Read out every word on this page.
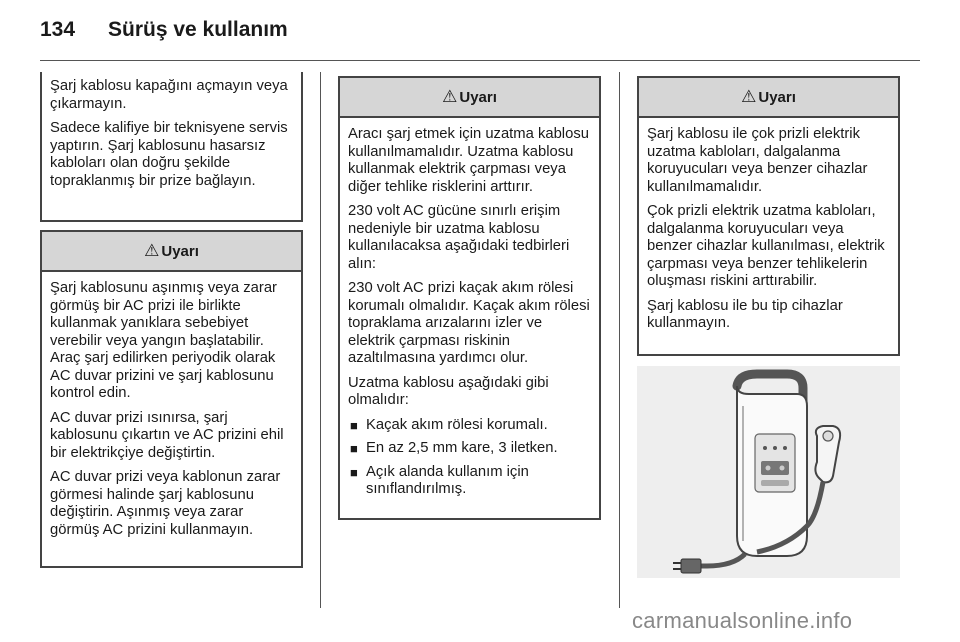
134 Sürüş ve kullanım

Şarj kablosu kapağını açmayın veya çıkarmayın.

Sadece kalifiye bir teknisyene servis yaptırın. Şarj kablosunu hasarsız kabloları olan doğru şekilde topraklanmış bir prize bağlayın.

⚠ Uyarı

Şarj kablosunu aşınmış veya zarar görmüş bir AC prizi ile birlikte kullanmak yanıklara sebebiyet verebilir veya yangın başlatabilir. Araç şarj edilirken periyodik olarak AC duvar prizini ve şarj kablosunu kontrol edin.

AC duvar prizi ısınırsa, şarj kablosunu çıkartın ve AC prizini ehil bir elektrikçiye değiştirtin.

AC duvar prizi veya kablonun zarar görmesi halinde şarj kablosunu değiştirin. Aşınmış veya zarar görmüş AC prizini kullanmayın.

⚠ Uyarı

Aracı şarj etmek için uzatma kablosu kullanılmamalıdır. Uzatma kablosu kullanmak elektrik çarpması veya diğer tehlike risklerini arttırır.

230 volt AC gücüne sınırlı erişim nedeniyle bir uzatma kablosu kullanılacaksa aşağıdaki tedbirleri alın:

230 volt AC prizi kaçak akım rölesi korumalı olmalıdır. Kaçak akım rölesi topraklama arızalarını izler ve elektrik çarpması riskinin azaltılmasına yardımcı olur.

Uzatma kablosu aşağıdaki gibi olmalıdır:

■ Kaçak akım rölesi korumalı.
■ En az 2,5 mm kare, 3 iletken.
■ Açık alanda kullanım için sınıflandırılmış.
⚠ Uyarı

Şarj kablosu ile çok prizli elektrik uzatma kabloları, dalgalanma koruyucuları veya benzer cihazlar kullanılmamalıdır.

Çok prizli elektrik uzatma kabloları, dalgalanma koruyucuları veya benzer cihazlar kullanılması, elektrik çarpması veya benzer tehlikelerin oluşması riskini arttırabilir.

Şarj kablosu ile bu tip cihazlar kullanmayın.

carmanualsonline.info
